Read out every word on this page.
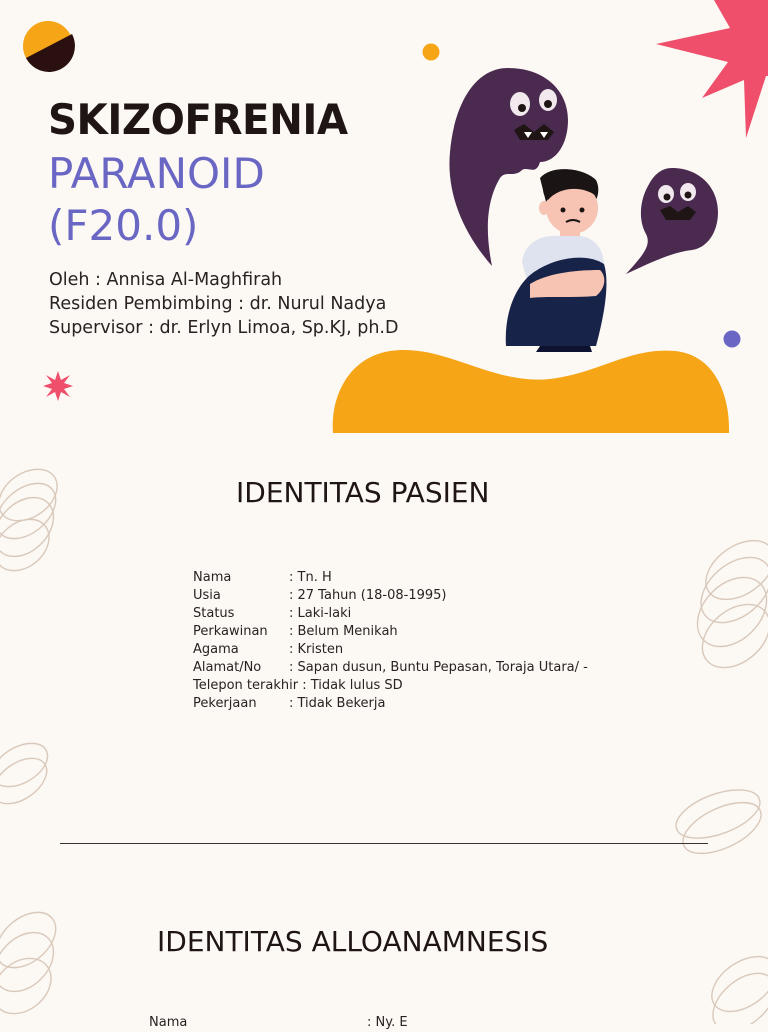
SKIZOFRENIA
PARANOID
(F20.0)
Oleh : Annisa Al-Maghfirah
Residen Pembimbing : dr. Nurul Nadya
Supervisor : dr. Erlyn Limoa, Sp.KJ, ph.D
IDENTITAS PASIEN
Nama	: Tn. H
Usia	: 27 Tahun (18-08-1995)
Status	: Laki-laki
Perkawinan	: Belum Menikah
Agama	: Kristen
Alamat/No	: Sapan dusun, Buntu Pepasan, Toraja Utara/ -
Telepon terakhir : Tidak lulus SD	
Pekerjaan	: Tidak Bekerja
IDENTITAS ALLOANAMNESIS
Nama	: Ny. E
